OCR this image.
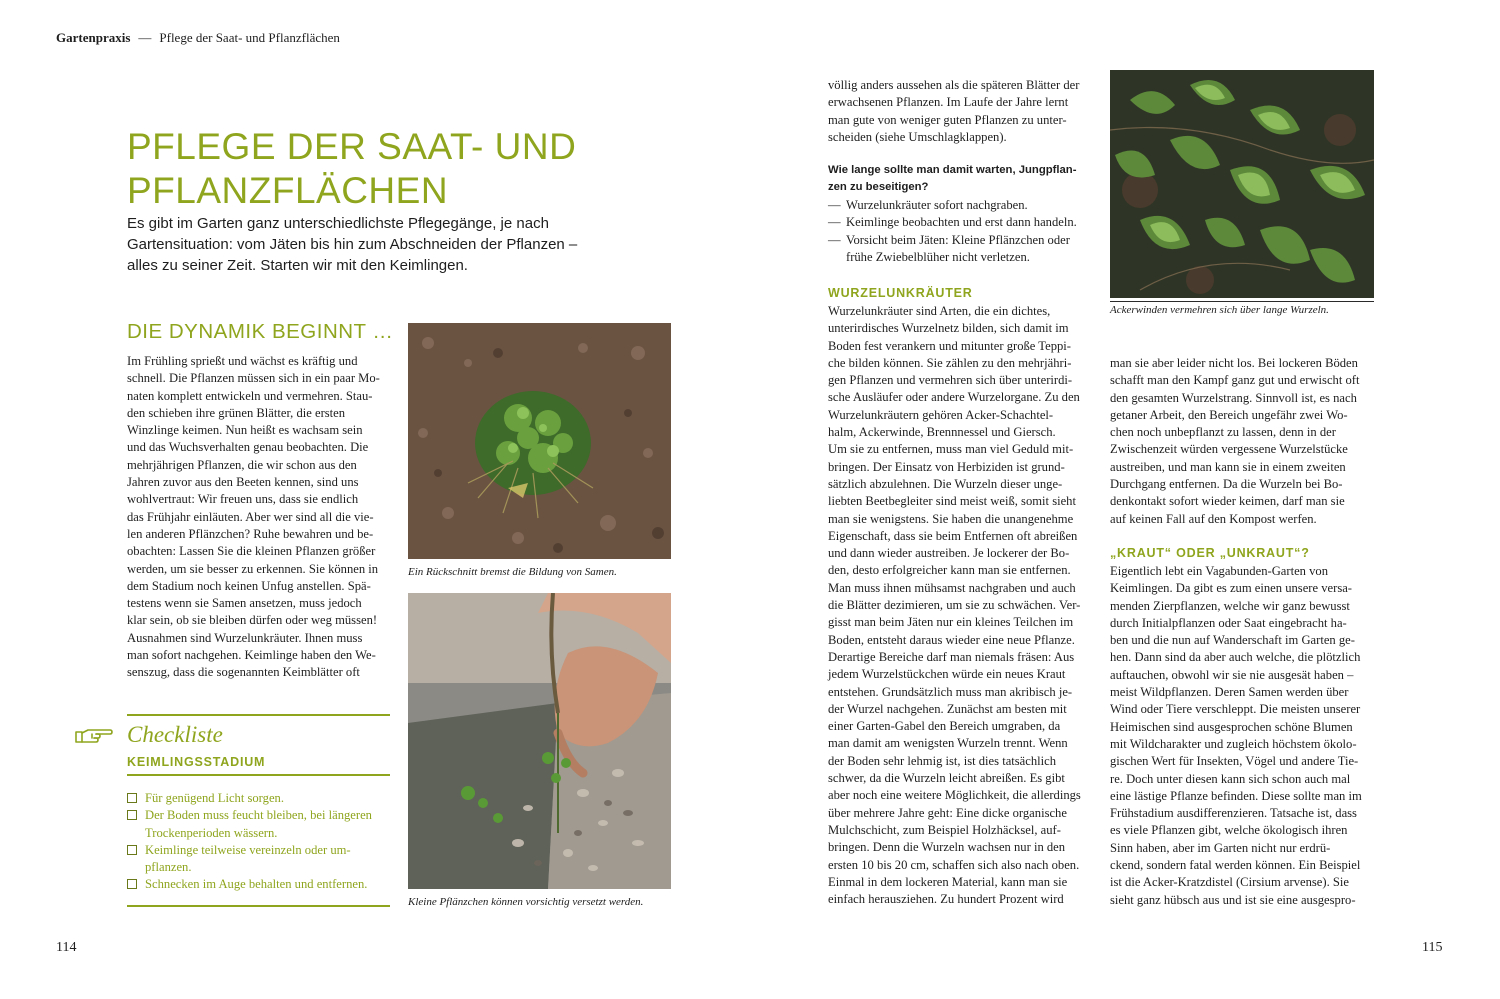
Gartenpraxis — Pflege der Saat- und Pflanzflächen
PFLEGE DER SAAT- UND
PFLANZFLÄCHEN
Es gibt im Garten ganz unterschiedlichste Pflegegänge, je nach
Gartensituation: vom Jäten bis hin zum Abschneiden der Pflanzen –
alles zu seiner Zeit. Starten wir mit den Keimlingen.
DIE DYNAMIK BEGINNT …
Im Frühling sprießt und wächst es kräftig und
schnell. Die Pflanzen müssen sich in ein paar Mo-
naten komplett entwickeln und vermehren. Stau-
den schieben ihre grünen Blätter, die ersten
Winzlinge keimen. Nun heißt es wachsam sein
und das Wuchsverhalten genau beobachten. Die
mehrjährigen Pflanzen, die wir schon aus den
Jahren zuvor aus den Beeten kennen, sind uns
wohlvertraut: Wir freuen uns, dass sie endlich
das Frühjahr einläuten. Aber wer sind all die vie-
len anderen Pflänzchen? Ruhe bewahren und be-
obachten: Lassen Sie die kleinen Pflanzen größer
werden, um sie besser zu erkennen. Sie können in
dem Stadium noch keinen Unfug anstellen. Spä-
testens wenn sie Samen ansetzen, muss jedoch
klar sein, ob sie bleiben dürfen oder weg müssen!
Ausnahmen sind Wurzelunkräuter. Ihnen muss
man sofort nachgehen. Keimlinge haben den We-
senszug, dass die sogenannten Keimblätter oft
Checkliste
KEIMLINGSSTADIUM
Für genügend Licht sorgen.
Der Boden muss feucht bleiben, bei längeren
Trockenperioden wässern.
Keimlinge teilweise vereinzeln oder um-
pflanzen.
Schnecken im Auge behalten und entfernen.
Ein Rückschnitt bremst die Bildung von Samen.
Kleine Pflänzchen können vorsichtig versetzt werden.
völlig anders aussehen als die späteren Blätter der
erwachsenen Pflanzen. Im Laufe der Jahre lernt
man gute von weniger guten Pflanzen zu unter-
scheiden (siehe Umschlagklappen).
Wie lange sollte man damit warten, Jungpflan-
zen zu beseitigen?
— Wurzelunkräuter sofort nachgraben.
— Keimlinge beobachten und erst dann handeln.
— Vorsicht beim Jäten: Kleine Pflänzchen oder
frühe Zwiebelblüher nicht verletzen.
WURZELUNKRÄUTER
Wurzelunkräuter sind Arten, die ein dichtes,
unterirdisches Wurzelnetz bilden, sich damit im
Boden fest verankern und mitunter große Teppi-
che bilden können. Sie zählen zu den mehrjähri-
gen Pflanzen und vermehren sich über unterirdi-
sche Ausläufer oder andere Wurzelorgane. Zu den
Wurzelunkräutern gehören Acker-Schachtel-
halm, Ackerwinde, Brennnessel und Giersch.
Um sie zu entfernen, muss man viel Geduld mit-
bringen. Der Einsatz von Herbiziden ist grund-
sätzlich abzulehnen. Die Wurzeln dieser unge-
liebten Beetbegleiter sind meist weiß, somit sieht
man sie wenigstens. Sie haben die unangenehme
Eigenschaft, dass sie beim Entfernen oft abreißen
und dann wieder austreiben. Je lockerer der Bo-
den, desto erfolgreicher kann man sie entfernen.
Man muss ihnen mühsamst nachgraben und auch
die Blätter dezimieren, um sie zu schwächen. Ver-
gisst man beim Jäten nur ein kleines Teilchen im
Boden, entsteht daraus wieder eine neue Pflanze.
Derartige Bereiche darf man niemals fräsen: Aus
jedem Wurzelstückchen würde ein neues Kraut
entstehen. Grundsätzlich muss man akribisch je-
der Wurzel nachgehen. Zunächst am besten mit
einer Garten-Gabel den Bereich umgraben, da
man damit am wenigsten Wurzeln trennt. Wenn
der Boden sehr lehmig ist, ist dies tatsächlich
schwer, da die Wurzeln leicht abreißen. Es gibt
aber noch eine weitere Möglichkeit, die allerdings
über mehrere Jahre geht: Eine dicke organische
Mulchschicht, zum Beispiel Holzhäcksel, auf-
bringen. Denn die Wurzeln wachsen nur in den
ersten 10 bis 20 cm, schaffen sich also nach oben.
Einmal in dem lockeren Material, kann man sie
einfach herausziehen. Zu hundert Prozent wird
Ackerwinden vermehren sich über lange Wurzeln.
man sie aber leider nicht los. Bei lockeren Böden
schafft man den Kampf ganz gut und erwischt oft
den gesamten Wurzelstrang. Sinnvoll ist, es nach
getaner Arbeit, den Bereich ungefähr zwei Wo-
chen noch unbepflanzt zu lassen, denn in der
Zwischenzeit würden vergessene Wurzelstücke
austreiben, und man kann sie in einem zweiten
Durchgang entfernen. Da die Wurzeln bei Bo-
denkontakt sofort wieder keimen, darf man sie
auf keinen Fall auf den Kompost werfen.
„KRAUT“ ODER „UNKRAUT“?
Eigentlich lebt ein Vagabunden-Garten von
Keimlingen. Da gibt es zum einen unsere versa-
menden Zierpflanzen, welche wir ganz bewusst
durch Initialpflanzen oder Saat eingebracht ha-
ben und die nun auf Wanderschaft im Garten ge-
hen. Dann sind da aber auch welche, die plötzlich
auftauchen, obwohl wir sie nie ausgesät haben –
meist Wildpflanzen. Deren Samen werden über
Wind oder Tiere verschleppt. Die meisten unserer
Heimischen sind ausgesprochen schöne Blumen
mit Wildcharakter und zugleich höchstem ökolo-
gischen Wert für Insekten, Vögel und andere Tie-
re. Doch unter diesen kann sich schon auch mal
eine lästige Pflanze befinden. Diese sollte man im
Frühstadium ausdifferenzieren. Tatsache ist, dass
es viele Pflanzen gibt, welche ökologisch ihren
Sinn haben, aber im Garten nicht nur erdrü-
ckend, sondern fatal werden können. Ein Beispiel
ist die Acker-Kratzdistel (Cirsium arvense). Sie
sieht ganz hübsch aus und ist sie eine ausgespro-
114	115
